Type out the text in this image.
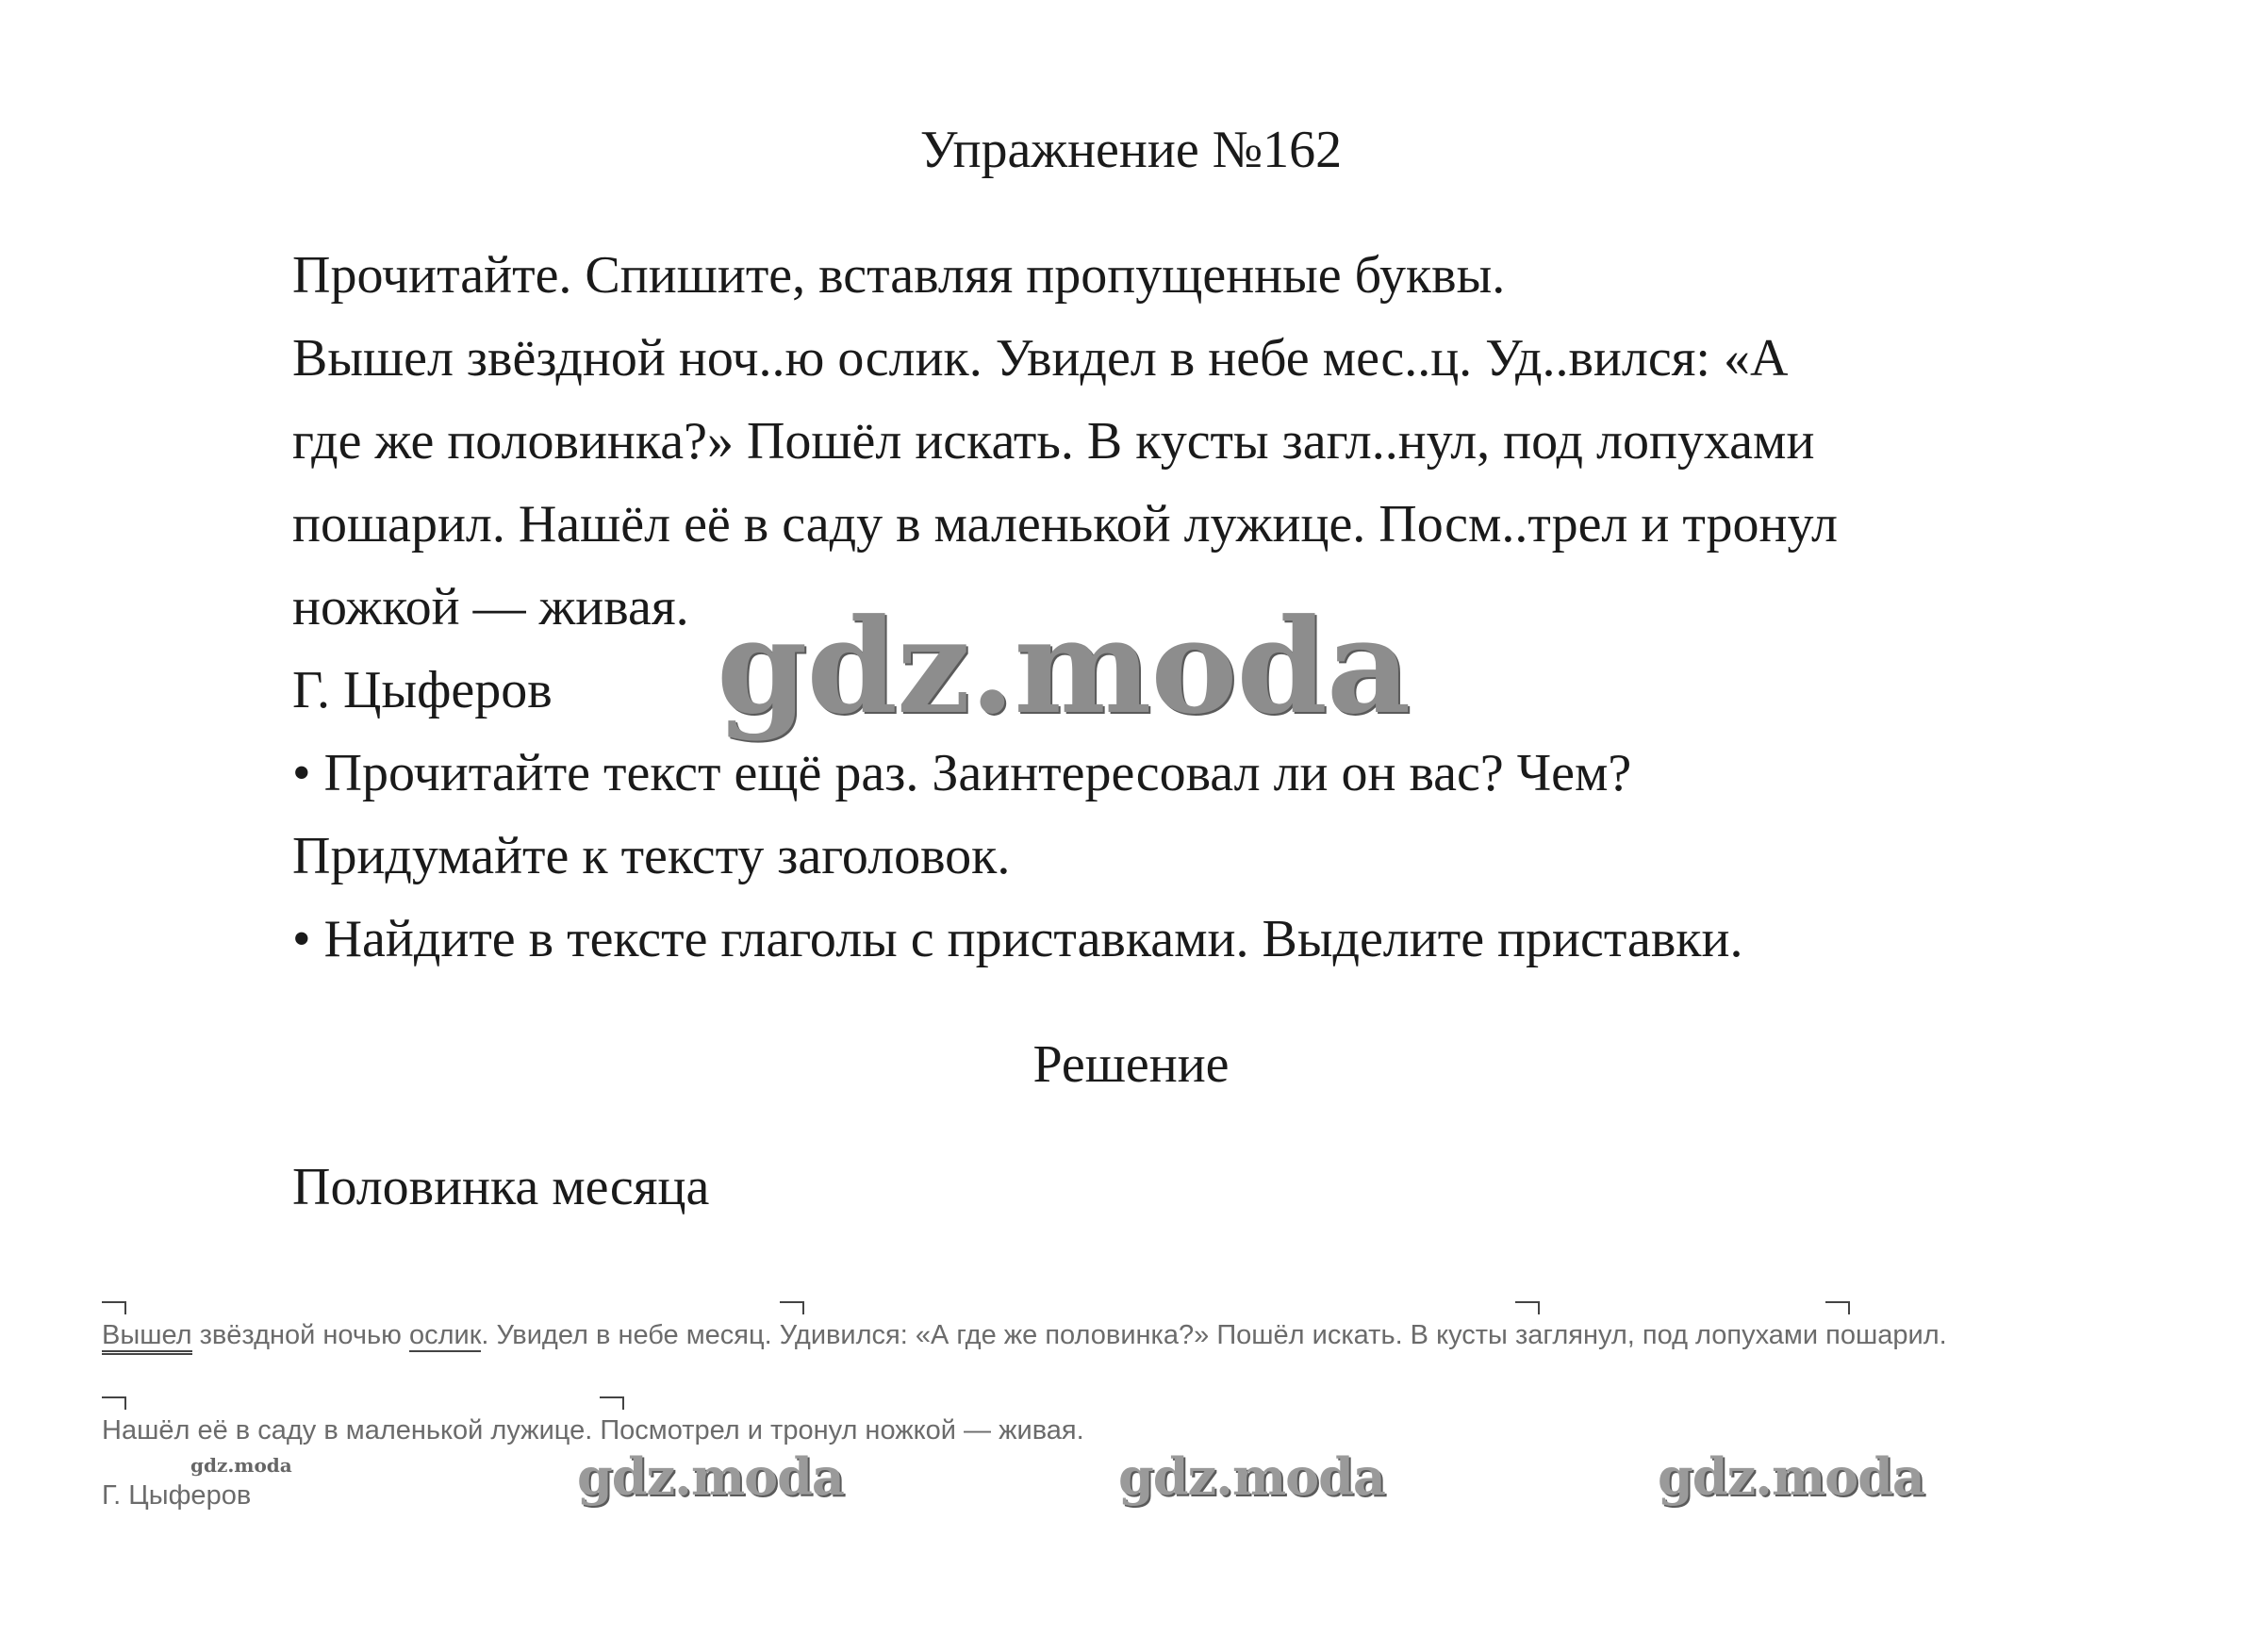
Упражнение №162

Прочитайте. Спишите, вставляя пропущенные буквы.

Вышел звёздной ноч..ю ослик. Увидел в небе мес..ц. Уд..вился: «А

где же половинка?» Пошёл искать. В кусты загл..нул, под лопухами

пошарил. Нашёл её в саду в маленькой лужице. Посм..трел и тронул

ножкой — живая.

Г. Цыферов

• Прочитайте текст ещё раз. Заинтересовал ли он вас? Чем?

Придумайте к тексту заголовок.

• Найдите в тексте глаголы с приставками. Выделите приставки.

Решение
Половинка месяца
Вышел звёздной ночью ослик. Увидел в небе месяц. Удивился: «А где же половинка?» Пошёл искать. В кусты заглянул, под лопухами пошарил.
Нашёл её в саду в маленькой лужице. Посмотрел и тронул ножкой — живая.
Г. Цыферов
gdz.moda
gdz.moda	gdz.moda	gdz.moda
gdz.moda
